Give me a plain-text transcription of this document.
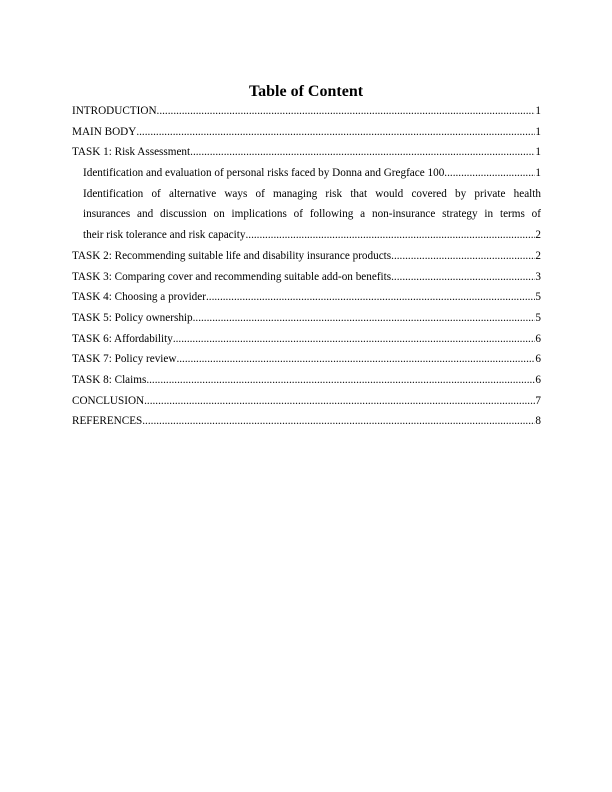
Table of Content
INTRODUCTION .....	1
MAIN BODY .....	1
TASK 1: Risk Assessment .....	1
Identification and evaluation of personal risks faced by Donna and Gregface 100 .....	1
Identification of alternative ways of managing risk that would covered by private health
insurances and discussion on implications of following a non-insurance strategy in terms of
their risk tolerance and risk capacity .....	2
TASK 2: Recommending suitable life and disability insurance products .....	2
TASK 3: Comparing cover and recommending suitable add-on benefits .....	3
TASK 4: Choosing a provider .....	5
TASK 5: Policy ownership .....	5
TASK 6: Affordability .....	6
TASK 7: Policy review .....	6
TASK 8: Claims .....	6
CONCLUSION .....	7
REFERENCES .....	8
